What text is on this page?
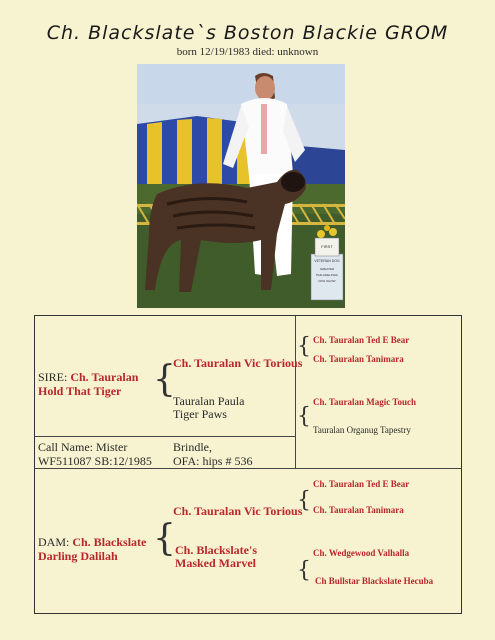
Ch. Blackslate`s Boston Blackie GROM
born 12/19/1983 died: unknown
FIRST
VETERAN DOG
GREATER
PHILADELPHIA
DOG SHOW
SIRE: Ch. Tauralan
Hold That Tiger {
Ch. Tauralan Vic Torious
Tauralan Paula
Tiger Paws
{ Ch. Tauralan Ted E Bear
Ch. Tauralan Tanimara
{
Ch. Tauralan Magic Touch
Tauralan Organug Tapestry
Call Name: Mister
WF511087 SB:12/1985
Brindle,
OFA: hips # 536
Ch. Tauralan Ted E Bear
{
Ch. Tauralan Vic Torious Ch. Tauralan Tanimara
DAM: Ch. Blackslate
Darling Dalilah { Ch. Blackslate's
Masked Marvel
Ch. Wedgewood Valhalla
{ Ch Bullstar Blackslate Hecuba
